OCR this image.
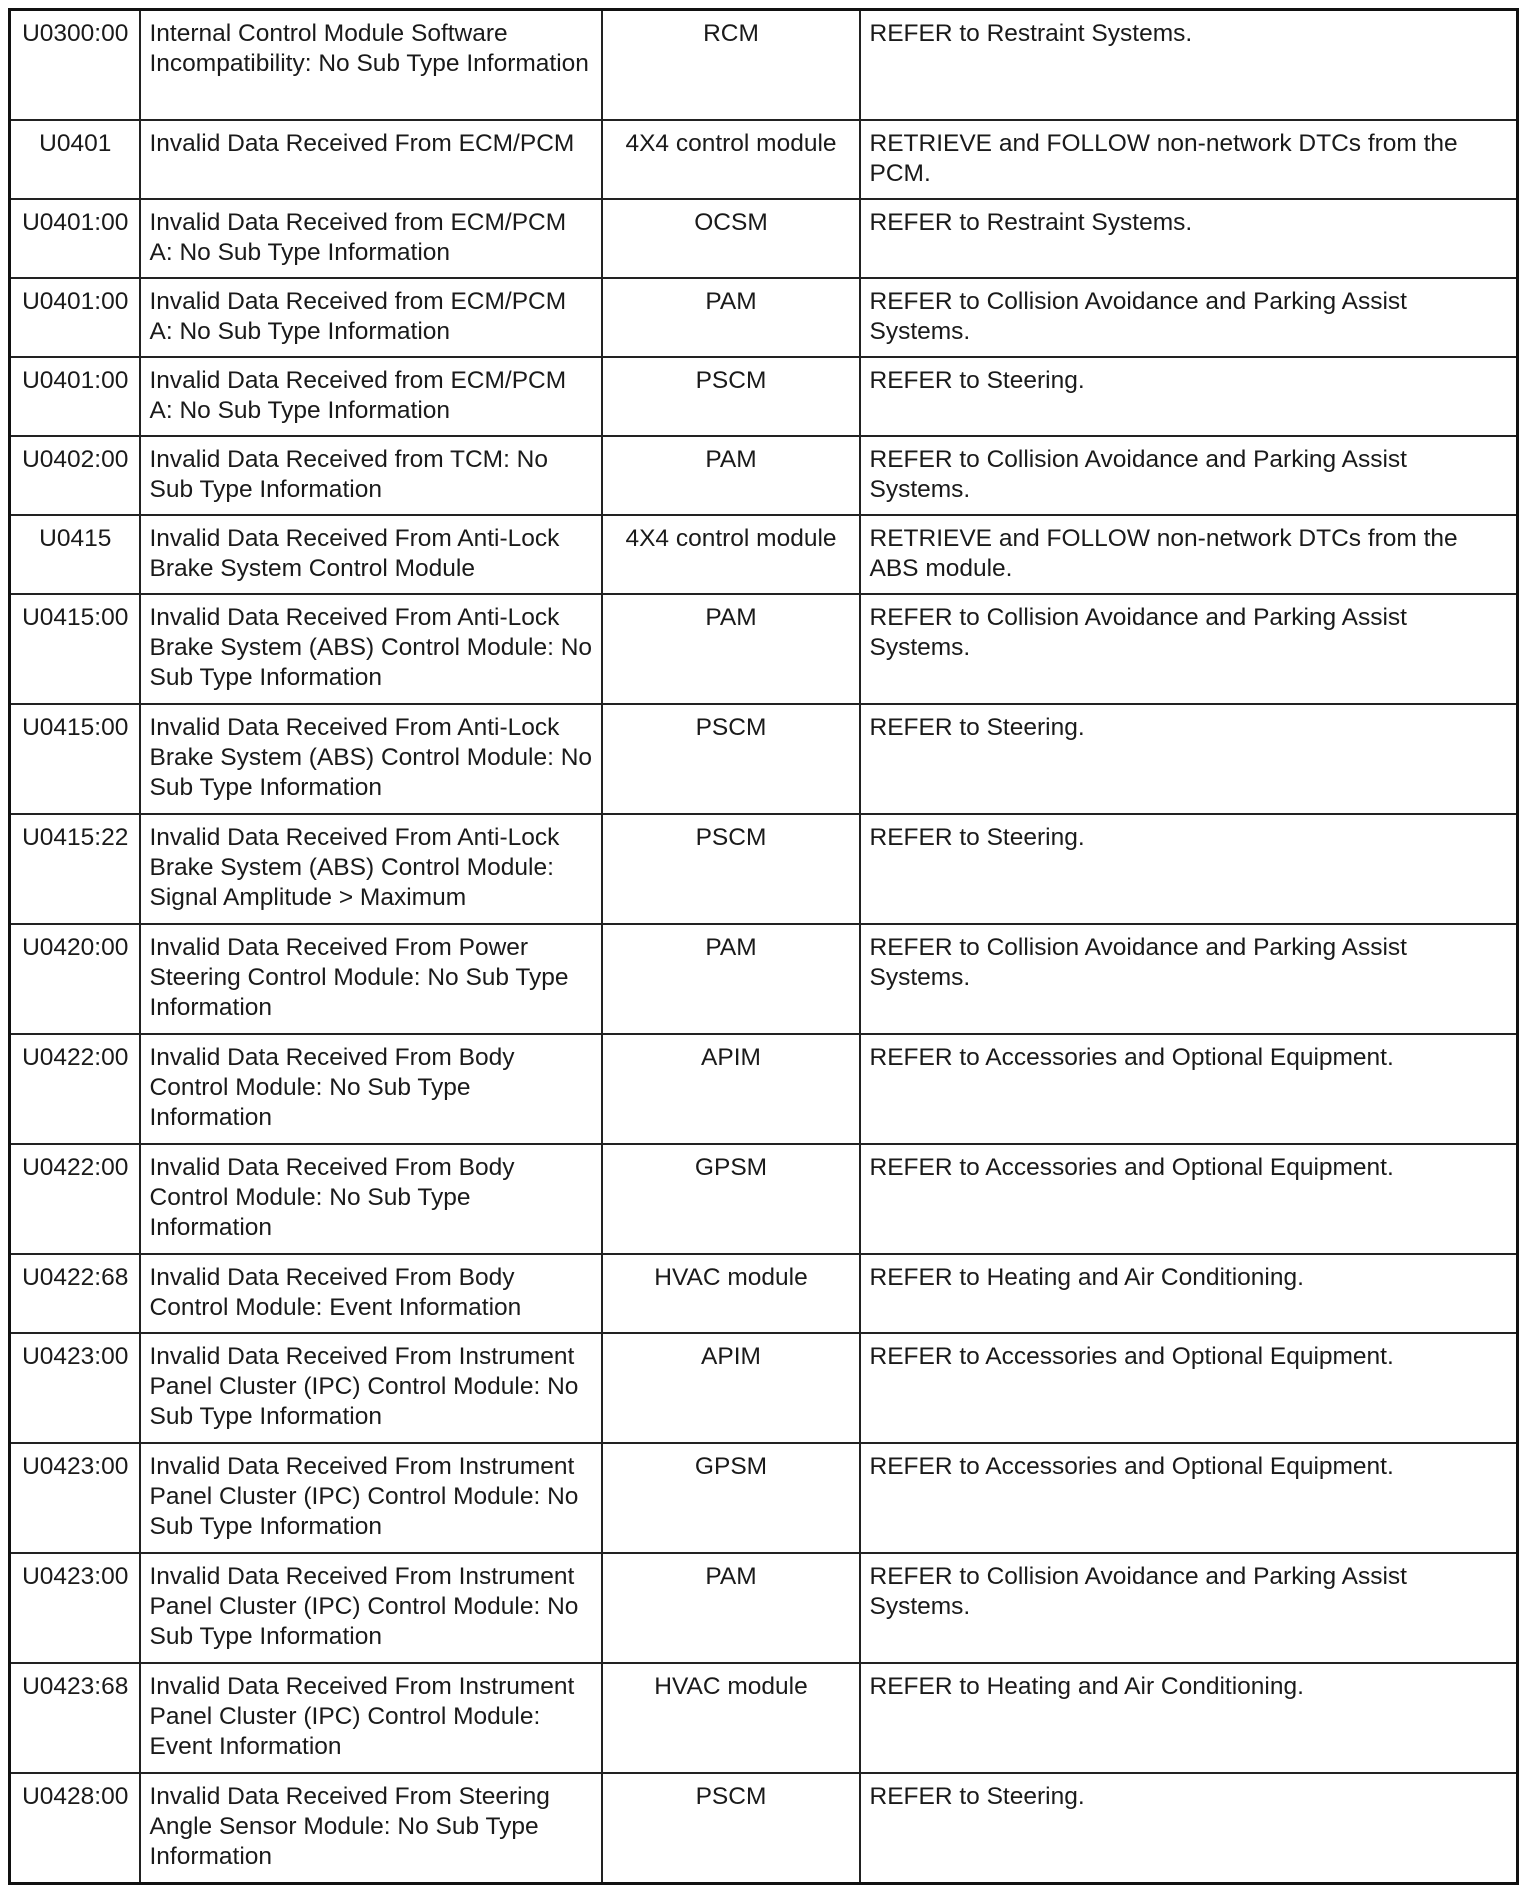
U0300:00	Internal Control Module Software Incompatibility: No Sub Type Information	RCM	REFER to Restraint Systems.
U0401	Invalid Data Received From ECM/PCM	4X4 control module	RETRIEVE and FOLLOW non-network DTCs from the PCM.
U0401:00	Invalid Data Received from ECM/PCM A: No Sub Type Information	OCSM	REFER to Restraint Systems.
U0401:00	Invalid Data Received from ECM/PCM A: No Sub Type Information	PAM	REFER to Collision Avoidance and Parking Assist Systems.
U0401:00	Invalid Data Received from ECM/PCM A: No Sub Type Information	PSCM	REFER to Steering.
U0402:00	Invalid Data Received from TCM: No Sub Type Information	PAM	REFER to Collision Avoidance and Parking Assist Systems.
U0415	Invalid Data Received From Anti-Lock Brake System Control Module	4X4 control module	RETRIEVE and FOLLOW non-network DTCs from the ABS module.
U0415:00	Invalid Data Received From Anti-Lock Brake System (ABS) Control Module: No Sub Type Information	PAM	REFER to Collision Avoidance and Parking Assist Systems.
U0415:00	Invalid Data Received From Anti-Lock Brake System (ABS) Control Module: No Sub Type Information	PSCM	REFER to Steering.
U0415:22	Invalid Data Received From Anti-Lock Brake System (ABS) Control Module: Signal Amplitude > Maximum	PSCM	REFER to Steering.
U0420:00	Invalid Data Received From Power Steering Control Module: No Sub Type Information	PAM	REFER to Collision Avoidance and Parking Assist Systems.
U0422:00	Invalid Data Received From Body Control Module: No Sub Type Information	APIM	REFER to Accessories and Optional Equipment.
U0422:00	Invalid Data Received From Body Control Module: No Sub Type Information	GPSM	REFER to Accessories and Optional Equipment.
U0422:68	Invalid Data Received From Body Control Module: Event Information	HVAC module	REFER to Heating and Air Conditioning.
U0423:00	Invalid Data Received From Instrument Panel Cluster (IPC) Control Module: No Sub Type Information	APIM	REFER to Accessories and Optional Equipment.
U0423:00	Invalid Data Received From Instrument Panel Cluster (IPC) Control Module: No Sub Type Information	GPSM	REFER to Accessories and Optional Equipment.
U0423:00	Invalid Data Received From Instrument Panel Cluster (IPC) Control Module: No Sub Type Information	PAM	REFER to Collision Avoidance and Parking Assist Systems.
U0423:68	Invalid Data Received From Instrument Panel Cluster (IPC) Control Module: Event Information	HVAC module	REFER to Heating and Air Conditioning.
U0428:00	Invalid Data Received From Steering Angle Sensor Module: No Sub Type Information	PSCM	REFER to Steering.
